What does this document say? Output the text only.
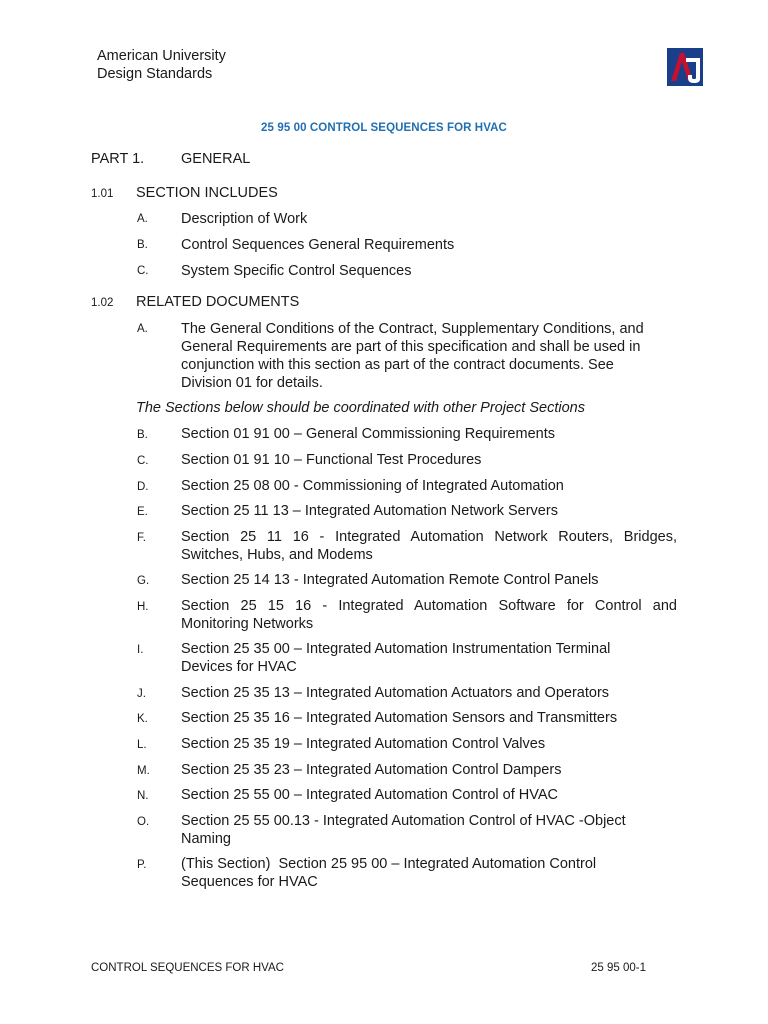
American University
Design Standards
25 95 00 CONTROL SEQUENCES FOR HVAC
PART 1.	GENERAL
1.01 SECTION INCLUDES
A. Description of Work
B. Control Sequences General Requirements
C. System Specific Control Sequences
1.02 RELATED DOCUMENTS
A. The General Conditions of the Contract, Supplementary Conditions, and General Requirements are part of this specification and shall be used in conjunction with this section as part of the contract documents. See Division 01 for details.
The Sections below should be coordinated with other Project Sections
B. Section 01 91 00 – General Commissioning Requirements
C. Section 01 91 10 – Functional Test Procedures
D. Section 25 08 00 - Commissioning of Integrated Automation
E. Section 25 11 13 – Integrated Automation Network Servers
F. Section 25 11 16 - Integrated Automation Network Routers, Bridges, Switches, Hubs, and Modems
G. Section 25 14 13 - Integrated Automation Remote Control Panels
H. Section 25 15 16 - Integrated Automation Software for Control and Monitoring Networks
I.	Section 25 35 00 – Integrated Automation Instrumentation Terminal Devices for HVAC
J. Section 25 35 13 – Integrated Automation Actuators and Operators
K. Section 25 35 16 – Integrated Automation Sensors and Transmitters
L. Section 25 35 19 – Integrated Automation Control Valves
M. Section 25 35 23 – Integrated Automation Control Dampers
N. Section 25 55 00 – Integrated Automation Control of HVAC
O. Section 25 55 00.13 - Integrated Automation Control of HVAC -Object Naming
P. (This Section)  Section 25 95 00 – Integrated Automation Control Sequences for HVAC
CONTROL SEQUENCES FOR HVAC	25 95 00-1
